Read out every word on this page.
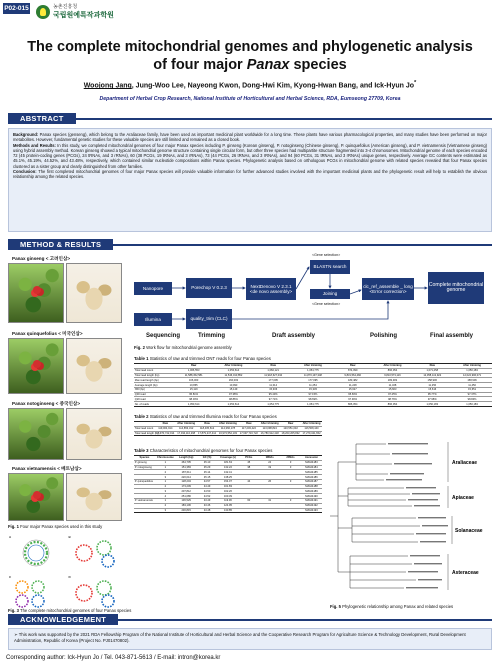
P02-015	농촌진흥청
국립원예특작과학원
The complete mitochondrial genomes and phylogenetic analysis
of four major Panax species
Woojong Jang, Jung-Woo Lee, Nayeong Kwon, Dong-Hwi Kim, Kyong-Hwan Bang, and Ick-Hyun Jo*
Department of Herbal Crop Research, National Institute of Horticultural and Herbal Science, RDA, Eumseong 27709, Korea
ABSTRACT

Background: Panax species (genseng), which belong to the Araliaceae family, have been used as important medicinal plant worldwide for a long time. These plants have various pharmacological properties, and many studies have been performed on major metabolites. However, fundamental genetic studies for these valuable species are still limited and remained as a closed book.

Methods and Results: In this study, we completed mitochondrial genomes of four major Panax species including P. ginseng (Korean ginseng), P. notoginseng (Chinese ginseng), P. quinquefolius (American ginseng), and P. vietnamensis (Vietnamese ginseng) using hybrid assembly method. Korean ginseng showed a typical mitochondrial genome structure containing single circular form, but other three species had multipartite structure fragmented into 3-4 chromosomes. Mitochondrial genome of each species encoded 72 (45 protein-coding genes (PCGs), 24 tRNAs, and 3 rRNAs), 60 (38 PCGs, 19 tRNAs, and 3 rRNAs), 73 (44 PCGs, 26 tRNAs, and 3 rRNAs), and 94 (60 PCGs, 31 tRNAs, and 3 rRNAs) unique genes, respectively. Average GC contents were estimated as 45.1%, 45.19%, 44.52%, and 43.48%, respectively, which contained similar nucleotide compositions within Panax species. Phylogenetic analysis based on orthologous PCGs in mitochondrial genome with related species revealed that four Panax species clustered as a sister group and clearly distinguished from other families.

Conclusion: The first completed mitochondrial genomes of four major Panax species will provide valuable information for further advanced studies involved with the important medicinal plants and the phylogenetic result will help to establish the obvious relationship among the related species.

METHOD & RESULTS
Panax ginseng < 고려인삼>
Panax quinquefolius < 미국인삼>
Panax notoginseng < 중국인삼>
Panax vietnamensis < 베트남삼>
Fig. 1 Four major Panax species used in this study
Nanopore
Illumina
Porechop V 0.2.3
quality_trim (CLC)
NextDenovo V 2.3.1 <de novo assembly>
<Gene selection>
BLASTN search
Joining
<Gene selection>
clc_ref_assemble _ long <Error correction>
Complete mitochondrial genome
Sequencing	Trimming	Draft assembly	Polishing	Final assembly
Fig. 2 Work flow for mitochondrial genome assembly
Table 1 Statistics of raw and trimmed ONT reads for four Panax species
	Raw	After trimming	Raw	After trimming	Raw	After trimming	Raw	After trimming
Total read count	1,066,553	1,050,614	1,082,121	1,054,775	874,099	866,054	1,071,258	1,050,183
Total read length (bp)	11,588,452,581	11,546,013,852	11,918,627,034	11,870,197,348	9,831,564,482	9,810,573,116	12,058,113,922	12,024,996,071
Max read length (bp)	166,003	166,003	177,095	177,095	183,482	183,482	158,906	158,906
Average length (bp)	10,865	10,990	11,014	11,254	11,248	11,328	11,256	11,450
N50 (bp)	15,119	15,149	15,306	15,345	15,627	15,663	15,616	15,651
Q30 read	95.81%	97.38%	95.43%	97.15%	95.66%	97.25%	95.77%	97.37%
Q20 read	98.03%	98.86%	97.71%	98.69%	97.90%	98.76%	97.98%	98.84%
No. of reads	1,050,614	1,050,614	1,054,775	1,054,775	866,054	866,054	1,050,183	1,050,183
Table 2 Statistics of raw and trimmed Illumina reads for four Panax species
	Raw	After trimming	Raw	After trimming	Raw	After trimming	Raw	After trimming
Total read count	119,004,914	114,853,312	118,405,612	114,366,178	117,203,422	113,098,824	120,551,032	116,508,440
Total read length (bp)	17,970,742,014	17,034,110,268	17,879,247,412	16,973,552,103	17,697,716,722	16,780,912,418	18,203,205,832	17,279,341,652
Table 3 Characteristics of mitochondrial genomes for four Panax species
Species	Chromosome	Length (bp)	GC (%)	Coverage (x)	PCGs	tRNAs	rRNAs	Accession
P. ginseng	1	464,705	45.10	181.63	45	24	3	MZ424183
P. notoginseng	1	151,383	45.29	132.22	38	19	3	MZ424184
	2	187,611	45.14	132.41				MZ424185
	3	220,014	45.15	138.25				MZ424186
P. quinquefolius	1	128,204	44.57	154.07	44	26	3	MZ424187
	2	173,209	44.49	161.83				MZ424188
	3	207,812	44.50	162.26				MZ424189
	4	251,086	44.52	160.39				MZ424190
P. vietnamensis	1	136,529	43.49	119.06	60	31	3	MZ424191
	2	183,106	43.46	124.95				MZ424192
	3	230,815	43.48	130.85				MZ424193
A	B
C	D
Fig. 3 The complete mitochondrial genomes of four Panax species
Araliaceae
Apiaceae
Solanaceae
Asteraceae
Fig. 5 Phylogenetic relationship among Panax and related species
ACKNOWLEDGEMENT
➢ This work was supported by the 2021 RDA Fellowship Program of the National Institute of Horticultural and Herbal Science and the Cooperative Research Program for Agriculture Science & Technology Development, Rural Development Administration, Republic of Korea (Project No. PJ01470802).
Corresponding author: Ick-Hyun Jo / Tel. 043-871-5613 / E-mail: intron@korea.kr
